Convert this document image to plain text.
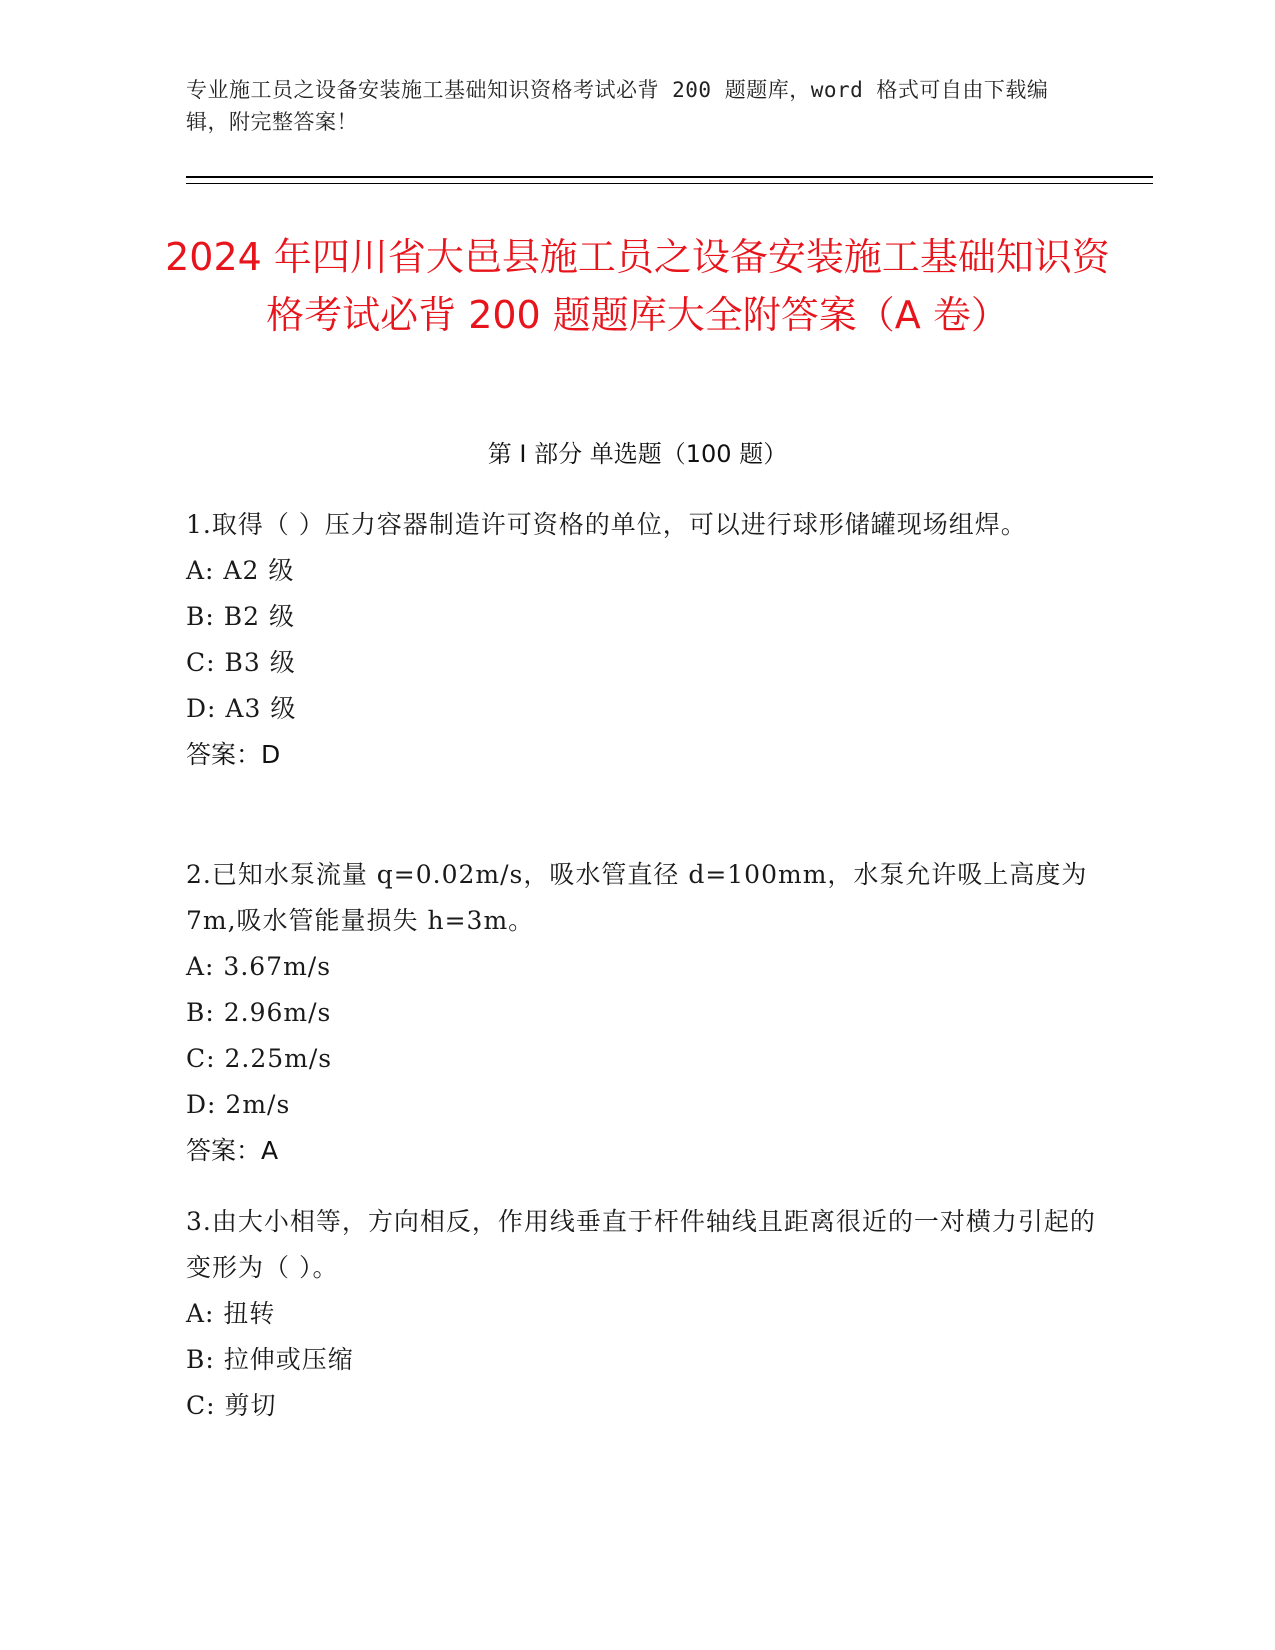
专业施工员之设备安装施工基础知识资格考试必背 200 题题库，word 格式可自由下载编辑，附完整答案！
2024 年四川省大邑县施工员之设备安装施工基础知识资格考试必背 200 题题库大全附答案（A 卷）
第 I 部分 单选题（100 题）
1.取得（ ）压力容器制造许可资格的单位，可以进行球形储罐现场组焊。
A: A2 级
B: B2 级
C: B3 级
D: A3 级
答案：D
2.已知水泵流量 q=0.02m/s，吸水管直径 d=100mm，水泵允许吸上高度为 7m,吸水管能量损失 h=3m。
A: 3.67m/s
B: 2.96m/s
C: 2.25m/s
D: 2m/s
答案：A
3.由大小相等，方向相反，作用线垂直于杆件轴线且距离很近的一对横力引起的变形为（ ）。
A: 扭转
B: 拉伸或压缩
C: 剪切
